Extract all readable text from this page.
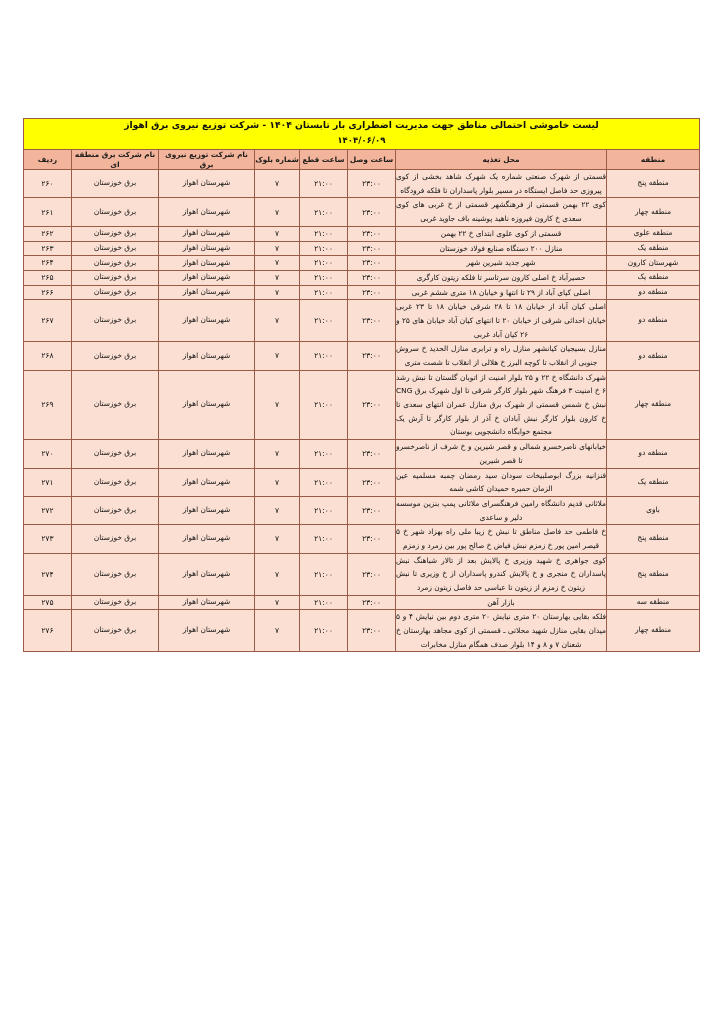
لیست خاموشی احتمالی مناطق جهت مدیریت اضطراری بار تابستان ۱۴۰۴ - شرکت توزیع نیروی برق اهواز
۱۴۰۴/۰۶/۰۹							

منطقه	محل تغذیه	ساعت وصل	ساعت قطع	شماره بلوک	نام شرکت توزیع نیروی برق	نام شرکت برق منطقه ای	ردیف
منطقه پنج	قسمتی از شهرک صنعتی شماره یک شهرک شاهد بخشی از کوی پیروزی حد فاصل ایستگاه در مسیر بلوار پاسداران تا فلکه فرودگاه	۲۳:۰۰	۲۱:۰۰	۷	شهرستان اهواز	برق خوزستان	۲۶۰
منطقه چهار	کوی ۲۲ بهمن قسمتی از فرهنگشهر قسمتی از خ غربی های کوی سعدی خ کارون فیروزه ناهید پوشینه باف جاوید غربی	۲۳:۰۰	۲۱:۰۰	۷	شهرستان اهواز	برق خوزستان	۲۶۱
منطقه علوی	قسمتی از کوی علوی ابتدای خ ۲۲ بهمن	۲۳:۰۰	۲۱:۰۰	۷	شهرستان اهواز	برق خوزستان	۲۶۲
منطقه یک	منازل ۲۰۰ دستگاه صنایع فولاد خوزستان	۲۳:۰۰	۲۱:۰۰	۷	شهرستان اهواز	برق خوزستان	۲۶۳
شهرستان کارون	شهر جدید شیرین شهر	۲۳:۰۰	۲۱:۰۰	۷	شهرستان اهواز	برق خوزستان	۲۶۴
منطقه یک	حصیرآباد خ اصلی کارون سرتاسر تا فلکه زیتون کارگری	۲۳:۰۰	۲۱:۰۰	۷	شهرستان اهواز	برق خوزستان	۲۶۵
منطقه دو	اصلی کیای آباد از ۲۹ تا انتها و خیابان ۱۸ متری ششم غربی	۲۳:۰۰	۲۱:۰۰	۷	شهرستان اهواز	برق خوزستان	۲۶۶
منطقه دو	اصلی کیان آباد از خیابان ۱۸ تا ۲۸ شرقی خیابان ۱۸ تا ۲۳ غربی خیابان احداثی شرقی از خیابان ۲۰ تا انتهای کیان آباد خیابان های ۲۵ و ۲۶ کیان آباد غربی	۲۳:۰۰	۲۱:۰۰	۷	شهرستان اهواز	برق خوزستان	۲۶۷
منطقه دو	منازل بسیجیان کیانشهر منازل راه و ترابری منازل الحدید خ سروش جنوبی از انقلاب تا کوچه البرز خ هلالی از انقلاب تا شصت متری	۲۳:۰۰	۲۱:۰۰	۷	شهرستان اهواز	برق خوزستان	۲۶۸
منطقه چهار	شهرک دانشگاه خ ۲۲ و ۲۵ بلوار امنیت از اتوبان گلستان تا نبش رشد ۶ خ امنیت ۳ فرهنگ شهر بلوار کارگر شرقی تا اول شهرک برق CNG نبش خ شمس قسمتی از شهرک برق منازل عمران انتهای سعدی تا خ کارون بلوار کارگر نبش آبادان خ آذر از بلوار کارگر تا آرش یک مجتمع خوابگاه دانشجویی بوستان	۲۳:۰۰	۲۱:۰۰	۷	شهرستان اهواز	برق خوزستان	۲۶۹
منطقه دو	خیابانهای ناصرخسرو شمالی و قصر شیرین و خ شرف از ناصرخسرو تا قصر شیرین	۲۳:۰۰	۲۱:۰۰	۷	شهرستان اهواز	برق خوزستان	۲۷۰
منطقه یک	قنزانیه بزرگ ابوصلبیخات سودان سید رمضان چمبه مسلمیه عین الزمان حمیره حمیدان کاشی شمه	۲۳:۰۰	۲۱:۰۰	۷	شهرستان اهواز	برق خوزستان	۲۷۱
باوی	ملاثانی قدیم دانشگاه رامین فرهنگسرای ملاثانی پمپ بنزین موسسه دلیر و ساعدی	۲۳:۰۰	۲۱:۰۰	۷	شهرستان اهواز	برق خوزستان	۲۷۲
منطقه پنج	خ فاطمی حد فاصل مناطق تا نبش خ زیبا ملی راه بهزاد شهر خ ۵ قیصر امین پور خ زمزم نبش فیاض خ صالح پور بین زمرد و زمزم	۲۳:۰۰	۲۱:۰۰	۷	شهرستان اهواز	برق خوزستان	۲۷۳
منطقه پنج	کوی جواهری خ شهید وزیری خ پالایش بعد از تالار شباهنگ نبش پاسداران خ منجری و خ پالایش کندرو پاسداران از خ وزیری تا نبش زیتون خ زمزم از زیتون تا عباسی حد فاصل زیتون زمرد	۲۳:۰۰	۲۱:۰۰	۷	شهرستان اهواز	برق خوزستان	۲۷۴
منطقه سه	بازار آهن	۲۳:۰۰	۲۱:۰۰	۷	شهرستان اهواز	برق خوزستان	۲۷۵
منطقه چهار	فلکه بقایی بهارستان ۲۰ متری نیایش ۲۰ متری دوم بین نیایش ۴ و ۵ میدان بقایی منازل شهید محلاتی ـ قسمتی از کوی مجاهد بهارستان خ شعنان ۷ و ۸ و ۱۴ بلوار صدف همگام منازل مخابرات	۲۳:۰۰	۲۱:۰۰	۷	شهرستان اهواز	برق خوزستان	۲۷۶
